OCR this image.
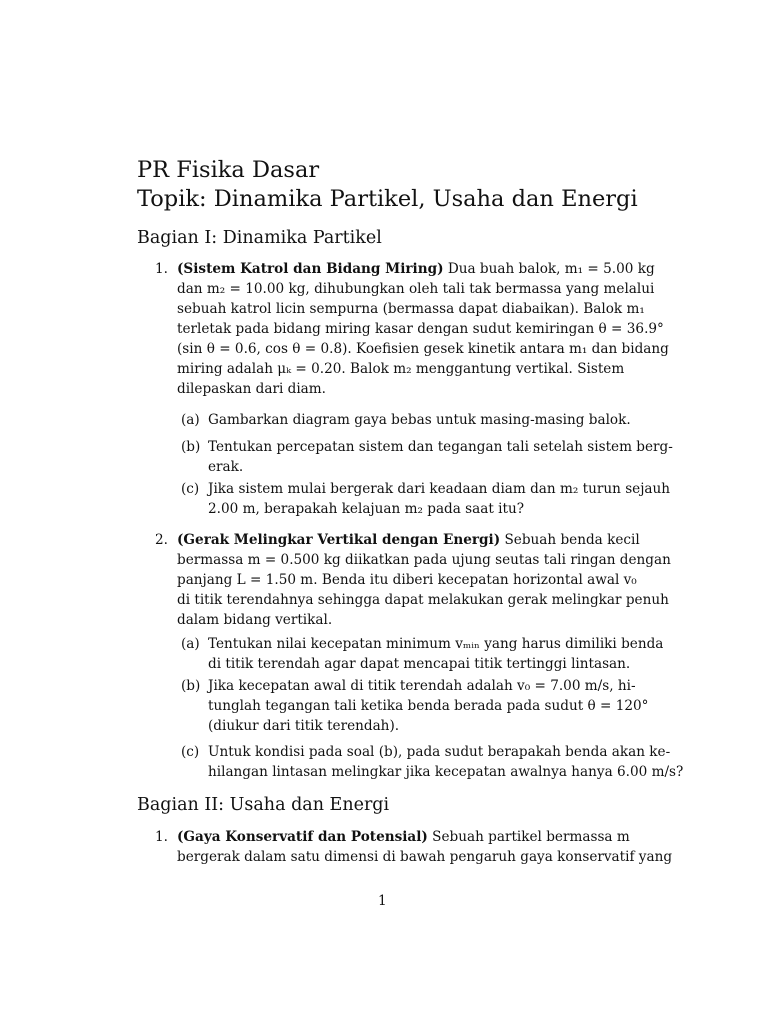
PR Fisika Dasar
Topik: Dinamika Partikel, Usaha dan Energi
Bagian I: Dinamika Partikel
1. (Sistem Katrol dan Bidang Miring) Dua buah balok, m₁ = 5.00 kg
dan m₂ = 10.00 kg, dihubungkan oleh tali tak bermassa yang melalui
sebuah katrol licin sempurna (bermassa dapat diabaikan). Balok m₁
terletak pada bidang miring kasar dengan sudut kemiringan θ = 36.9°
(sin θ = 0.6, cos θ = 0.8). Koefisien gesek kinetik antara m₁ dan bidang
miring adalah μₖ = 0.20. Balok m₂ menggantung vertikal. Sistem
dilepaskan dari diam.
(a) Gambarkan diagram gaya bebas untuk masing-masing balok.
(b) Tentukan percepatan sistem dan tegangan tali setelah sistem berg-
erak.
(c) Jika sistem mulai bergerak dari keadaan diam dan m₂ turun sejauh
2.00 m, berapakah kelajuan m₂ pada saat itu?
2. (Gerak Melingkar Vertikal dengan Energi) Sebuah benda kecil
bermassa m = 0.500 kg diikatkan pada ujung seutas tali ringan dengan
panjang L = 1.50 m. Benda itu diberi kecepatan horizontal awal v₀
di titik terendahnya sehingga dapat melakukan gerak melingkar penuh
dalam bidang vertikal.
(a) Tentukan nilai kecepatan minimum vₘᵢₙ yang harus dimiliki benda
di titik terendah agar dapat mencapai titik tertinggi lintasan.
(b) Jika kecepatan awal di titik terendah adalah v₀ = 7.00 m/s, hi-
tunglah tegangan tali ketika benda berada pada sudut θ = 120°
(diukur dari titik terendah).
(c) Untuk kondisi pada soal (b), pada sudut berapakah benda akan ke-
hilangan lintasan melingkar jika kecepatan awalnya hanya 6.00 m/s?
Bagian II: Usaha dan Energi
1. (Gaya Konservatif dan Potensial) Sebuah partikel bermassa m
bergerak dalam satu dimensi di bawah pengaruh gaya konservatif yang
1
